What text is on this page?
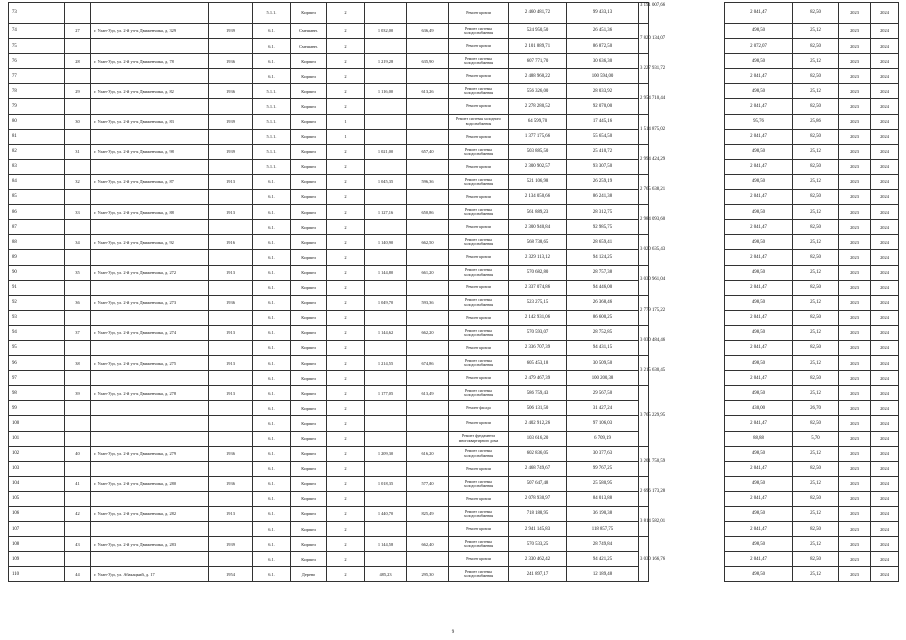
73				5.1.1.	Кирпич	2			Ремонт кровли	2 460 481,72	99 433,13	3 191 007,66		2 041,47	82,50	2023	2024
74	27	г. Улан-Удэ, ул. 2-й уч-к Движенчика, д. 329	1939	6.1.	Смешанн.	2	1 032,00	636,49	Ремонт системы холодоснабжения	524 950,50	26 451,36	7 820 134,07		498,50	25,12	2023	2024
75				6.1.	Смешанн.	2			Ремонт кровли	2 101 889,71	86 872,50			2 072,07	82,50	2023	2024
76	28	г. Улан-Удэ, ул. 2-й уч-к Движенчика, д. 78	1936	6.1.	Кирпич	2	1 219,28	635,90	Ремонт системы холодоснабжения	607 771,70	30 636,30	3 227 931,72		498,50	25,12	2023	2024
77				6.1.	Кирпич	2			Ремонт кровли	2 488 960,22	100 594,00			2 041,47	82,50	2023	2024
78	29	г. Улан-Удэ, ул. 2-й уч-к Движенчика, д. 82	1936	5.1.1.	Кирпич	2	1 116,00	613,26	Ремонт системы холодоснабжения	556 326,00	28 033,92	2 954 710,44		498,50	25,12	2023	2024
79				5.1.1.	Кирпич	2			Ремонт кровли	2 278 280,52	92 070,00			2 041,47	82,50	2023	2024
80	30	г. Улан-Удэ, ул. 2-й уч-к Движенчика, д. 83	1939	5.1.1.	Кирпич	1			Ремонт системы холодного водоснабжения	64 599,70	17 445,16	1 514 875,02		95,76	25,86	2023	2024
81				5.1.1.	Кирпич	1			Ремонт кровли	1 377 175,66	55 654,50			2 041,47	82,50	2023	2024
82	31	г. Улан-Удэ, ул. 2-й уч-к Движенчика, д. 98	1939	5.1.1.	Кирпич	2	1 021,00	657,40	Ремонт системы холодоснабжения	503 885,50	25 410,72	2 994 424,29		498,50	25,12	2023	2024
83				5.1.1.	Кирпич	2			Ремонт кровли	2 300 902,57	93 307,50			2 041,47	82,50	2023	2024
84	32	г. Улан-Удэ, ул. 2-й уч-к Движенчика, д. 87	1913	6.1.	Кирпич	2	1 045,35	596,36	Ремонт системы холодоснабжения	521 106,98	26 259,19	2 765 638,21		498,50	25,12	2023	2024
85				6.1.	Кирпич	2			Ремонт кровли	2 134 050,66	86 241,38			2 041,47	82,50	2023	2024
86	33	г. Улан-Удэ, ул. 2-й уч-к Движенчика, д. 88	1913	6.1.	Кирпич	2	1 127,16	650,86	Ремонт системы холодоснабжения	561 889,23	28 312,75	2 984 093,60		498,50	25,12	2023	2024
87				6.1.	Кирпич	2			Ремонт кровли	2 300 940,84	92 985,75			2 041,47	82,50	2023	2024
88	34	г. Улан-Удэ, ул. 2-й уч-к Движенчика, д. 92	1916	6.1.	Кирпич	2	1 140,90	662,50	Ремонт системы холодоснабжения	568 738,65	28 659,41	3 020 635,43		498,50	25,12	2023	2024
89				6.1.	Кирпич	2			Ремонт кровли	2 329 113,12	94 124,25			2 041,47	82,50	2023	2024
90	35	г. Улан-Удэ, ул. 2-й уч-к Движенчика, д. 272	1913	6.1.	Кирпич	2	1 144,80	661,20	Ремонт системы холодоснабжения	570 682,80	28 757,38	3 030 961,04		498,50	25,12	2023	2024
91				6.1.	Кирпич	2			Ремонт кровли	2 337 074,86	94 446,00			2 041,47	82,50	2023	2024
92	36	г. Улан-Удэ, ул. 2-й уч-к Движенчика, д. 273	1936	6.1.	Кирпич	2	1 049,70	593,36	Ремонт системы холодоснабжения	523 275,15	26 368,46	2 779 175,22		498,50	25,12	2023	2024
93				6.1.	Кирпич	2			Ремонт кровли	2 142 931,06	86 600,25			2 041,47	82,50	2023	2024
94	37	г. Улан-Удэ, ул. 2-й уч-к Движенчика, д. 274	1913	6.1.	Кирпич	2	1 144,62	662,20	Ремонт системы холодоснабжения	570 593,07	28 752,85	3 030 484,46		498,50	25,12	2023	2024
95				6.1.	Кирпич	2			Ремонт кровли	2 336 707,39	94 431,15			2 041,47	82,50	2023	2024
96	38	г. Улан-Удэ, ул. 2-й уч-к Движенчика, д. 275	1913	6.1.	Кирпич	2	1 214,55	674,86	Ремонт системы холодоснабжения	605 453,18	30 509,50	3 215 630,45		498,50	25,12	2023	2024
97				6.1.	Кирпич	2			Ремонт кровли	2 479 467,39	100 200,38			2 041,47	82,50	2023	2024
98	39	г. Улан-Удэ, ул. 2-й уч-к Движенчика, д. 278	1913	6.1.	Кирпич	2	1 177,05	613,49	Ремонт системы холодоснабжения	586 759,43	29 567,50	3 765 229,95		498,50	25,12	2023	2024
99				6.1.	Кирпич	2			Ремонт фасада	506 131,50	31 427,24			430,00	26,70	2023	2024
100				6.1.	Кирпич	2			Ремонт кровли	2 402 912,26	97 106,03			2 041,47	82,50	2023	2024
101				6.1.	Кирпич	2			Ремонт фундамента многоквартирного дома	103 616,20	6 709,19			88,88	5,70	2023	2024
102	40	г. Улан-Удэ, ул. 2-й уч-к Движенчика, д. 279	1936	6.1.	Кирпич	2	1 209,30	616,20	Ремонт системы холодоснабжения	602 836,05	30 377,63	3 201 750,59		498,50	25,12	2023	2024
103				6.1.	Кирпич	2			Ремонт кровли	2 468 749,67	99 767,25			2 041,47	82,50	2023	2024
104	41	г. Улан-Удэ, ул. 2-й уч-к Движенчика, д. 280	1936	6.1.	Кирпич	2	1 018,35	577,40	Ремонт системы холодоснабжения	507 647,48	25 580,95	2 696 173,28		498,50	25,12	2023	2024
105				6.1.	Кирпич	2			Ремонт кровли	2 078 930,97	84 013,88			2 041,47	82,50	2023	2024
106	42	г. Улан-Удэ, ул. 2-й уч-к Движенчика, д. 282	1913	6.1.	Кирпич	2	1 440,70	825,49	Ремонт системы холодоснабжения	718 188,95	36 190,38	3 814 582,01		498,50	25,12	2023	2024
107				6.1.	Кирпич	2			Ремонт кровли	2 941 145,83	118 857,75			2 041,47	82,50	2023	2024
108	43	г. Улан-Удэ, ул. 2-й уч-к Движенчика, д. 283	1939	6.1.	Кирпич	2	1 144,58	662,40	Ремонт системы холодоснабжения	570 533,25	28 749,84	3 030 166,76		498,50	25,12	2023	2024
109				6.1.	Кирпич	2			Ремонт кровли	2 330 462,42	94 421,25			2 041,47	82,50	2023	2024
110	44	г. Улан-Удэ, ул. Абакацкий, д. 17	1954	6.1.	Дерево	2	485,23	295,30	Ремонт системы холодоснабжения	241 897,17	12 189,48			498,50	25,12	2023	2024
9
